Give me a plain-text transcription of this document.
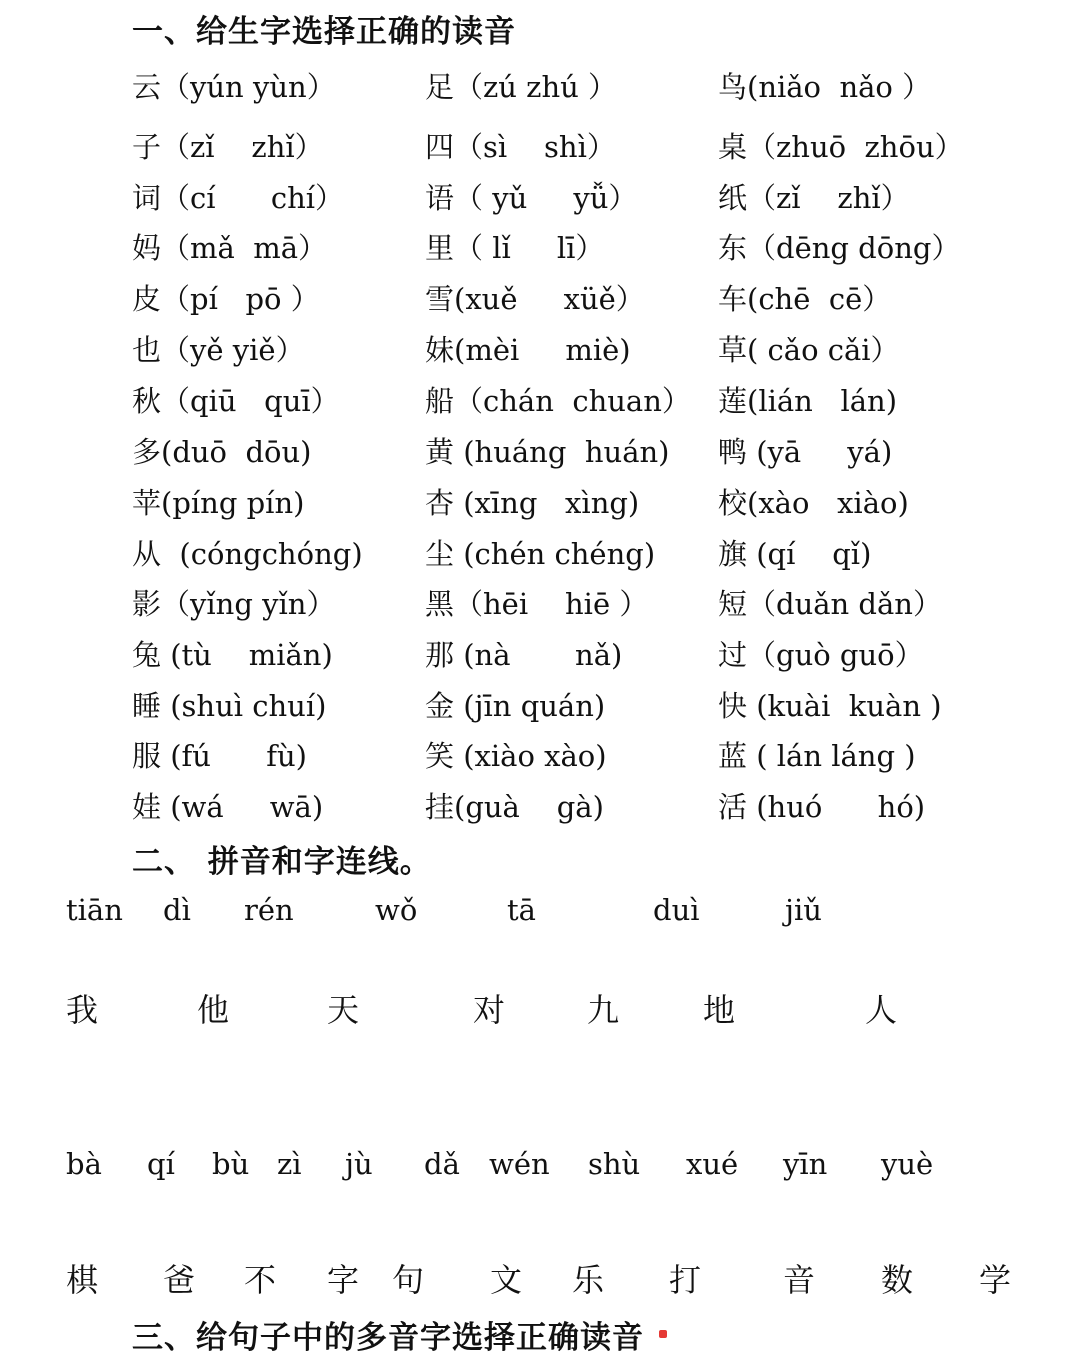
一、给生字选择正确的读音
云（yún yùn）	足（zú zhú ）	鸟(niǎo  nǎo ）
子（zǐ    zhǐ）	四（sì    shì）	桌（zhuō  zhōu）
词（cí      chí）	语（ yǔ     yǚ）	纸（zǐ    zhǐ）
妈（mǎ  mā）	里（ lǐ     lī）	东（dēng dōng）
皮（pí   pō ）	雪(xuě     xüě）	车(chē  cē）
也（yě yiě）	妹(mèi     miè)	草( cǎo cǎi）
秋（qiū   quī）	船（chán  chuan） 莲(lián   lán)
多(duō  dōu)	黄 (huáng  huán) 鸭 (yā     yá)
苹(píng pín)	杏 (xīng   xìng)	校(xào   xiào)
从  (cóngchóng) 尘 (chén chéng) 旗 (qí    qǐ)
影（yǐng yǐn）	黑（hēi    hiē ） 短（duǎn dǎn）
兔 (tù    miǎn)	那 (nà       nǎ)	过（guò guō）
睡 (shuì chuí)	金 (jīn quán)	快 (kuài  kuàn )
服 (fú      fù)	笑 (xiào xào)	蓝 ( lán láng )
娃 (wá     wā)	挂(guà    gà)	活 (huó      hó)
二、 拼音和字连线。
tiān dì rén	wǒ	tā	duì	jiǔ
我	他	天	对	九	地	人
bà qí bù zì jù dǎ wén shù xué yīn yuè
棋 爸 不 字 句 文 乐 打	音 数 学
三、给句子中的多音字选择正确读音
